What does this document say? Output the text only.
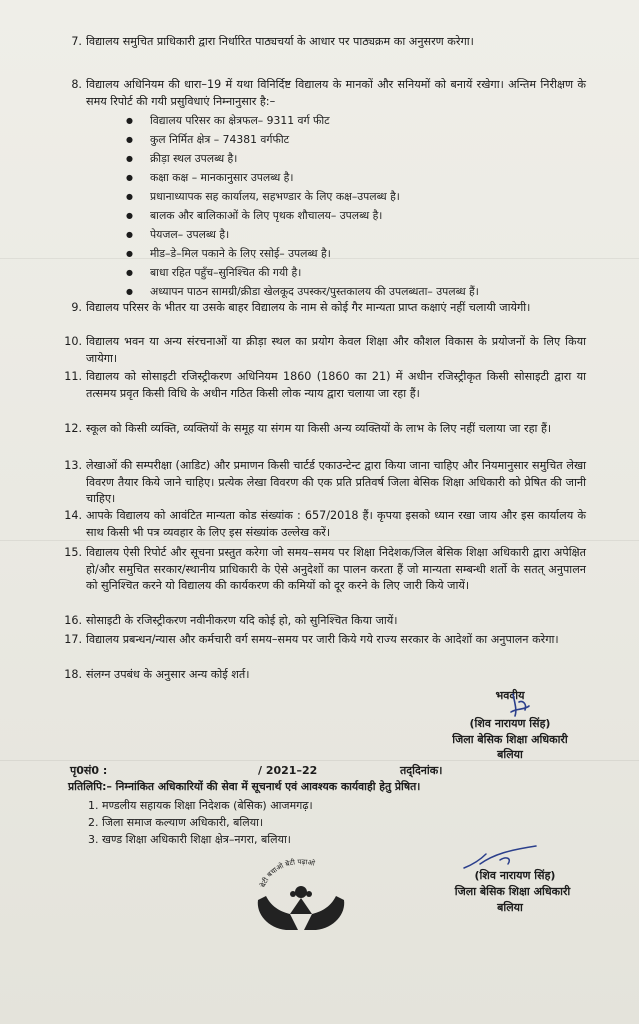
7. विद्यालय समुचित प्राधिकारी द्वारा निर्धारित पाठ्यचर्या के आधार पर पाठ्यक्रम का अनुसरण करेगा।
8. विद्यालय अधिनियम की धारा–19 में यथा विनिर्दिष्ट विद्यालय के मानकों और सनियमों को बनायें रखेगा। अन्तिम निरीक्षण के समय रिपोर्ट की गयी प्रसुविधाएं निम्नानुसार है:–
● विद्यालय परिसर का क्षेत्रफल– 9311 वर्ग फीट
● कुल निर्मित क्षेत्र – 74381 वर्गफीट
● क्रीड़ा स्थल उपलब्ध है।
● कक्षा कक्ष – मानकानुसार उपलब्ध है।
● प्रधानाध्यापक सह कार्यालय, सहभण्डार के लिए कक्ष–उपलब्ध है।
● बालक और बालिकाओं के लिए पृथक शौचालय– उपलब्ध है।
● पेयजल– उपलब्ध है।
● मीड–डे–मिल पकाने के लिए रसोई– उपलब्ध है।
● बाधा रहित पहुँच–सुनिश्चित की गयी है।
● अध्यापन पाठन सामग्री/क्रीडा खेलकूद उपस्कर/पुस्तकालय की उपलब्धता– उपलब्ध हैं।
9. विद्यालय परिसर के भीतर या उसके बाहर विद्यालय के नाम से कोई गैर मान्यता प्राप्त कक्षाएं नहीं चलायी जायेगी।
10. विद्यालय भवन या अन्य संरचनाओं या क्रीड़ा स्थल का प्रयोग केवल शिक्षा और कौशल विकास के प्रयोजनों के लिए किया जायेगा।
11. विद्यालय को सोसाइटी रजिस्ट्रीकरण अधिनियम 1860 (1860 का 21) में अधीन रजिस्ट्रीकृत किसी सोसाइटी द्वारा या तत्समय प्रवृत किसी विधि के अधीन गठित किसी लोक न्याय द्वारा चलाया जा रहा हैं।
12. स्कूल को किसी व्यक्ति, व्यक्तियों के समूह या संगम या किसी अन्य व्यक्तियों के लाभ के लिए नहीं चलाया जा रहा हैं।
13. लेखाओं की सम्परीक्षा (आडिट) और प्रमाणन किसी चार्टर्ड एकाउन्टेन्ट द्वारा किया जाना चाहिए और नियमानुसार समुचित लेखा विवरण तैयार किये जाने चाहिए। प्रत्येक लेखा विवरण की एक प्रति प्रतिवर्ष जिला बेसिक शिक्षा अधिकारी को प्रेषित की जानी चाहिए।
14. आपके विद्यालय को आवंटित मान्यता कोड संख्यांक : 657/2018 हैं। कृपया इसको ध्यान रखा जाय और इस कार्यालय के साथ किसी भी पत्र व्यवहार के लिए इस संख्यांक उल्लेख करें।
15. विद्यालय ऐसी रिपोर्ट और सूचना प्रस्तुत करेगा जो समय–समय पर शिक्षा निदेशक/जिल बेसिक शिक्षा अधिकारी द्वारा अपेक्षित हो/और समुचित सरकार/स्थानीय प्राधिकारी के ऐसे अनुदेशों का पालन करता हैं जो मान्यता सम्बन्धी शर्तो के सतत् अनुपालन को सुनिश्चित करने यो विद्यालय की कार्यकरण की कमियों को दूर करने के लिए जारी किये जायें।
16. सोसाइटी के रजिस्ट्रीकरण नवीनीकरण यदि कोई हो, को सुनिश्चित किया जायें।
17. विद्यालय प्रबन्धन/न्यास और कर्मचारी वर्ग समय–समय पर जारी किये गये राज्य सरकार के आदेशों का अनुपालन करेगा।
18. संलग्न उपबंध के अनुसार अन्य कोई शर्त।
भवदीय
(शिव नारायण सिंह)
जिला बेसिक शिक्षा अधिकारी
बलिया
पृ0सं0 :	/ 2021–22	तद्‌दिनांक।
प्रतिलिपि:– निम्नांकित अधिकारियों की सेवा में सूचनार्थ एवं आवश्यक कार्यवाही हेतु प्रेषित।
1. मण्डलीय सहायक शिक्षा निदेशक (बेसिक) आजमगढ़।
2. जिला समाज कल्याण अधिकारी, बलिया।
3. खण्ड शिक्षा अधिकारी शिक्षा क्षेत्र–नगरा, बलिया।
बेटी बचाओ बेटी पढ़ाओ
(शिव नारायण सिंह)
जिला बेसिक शिक्षा अधिकारी
बलिया
